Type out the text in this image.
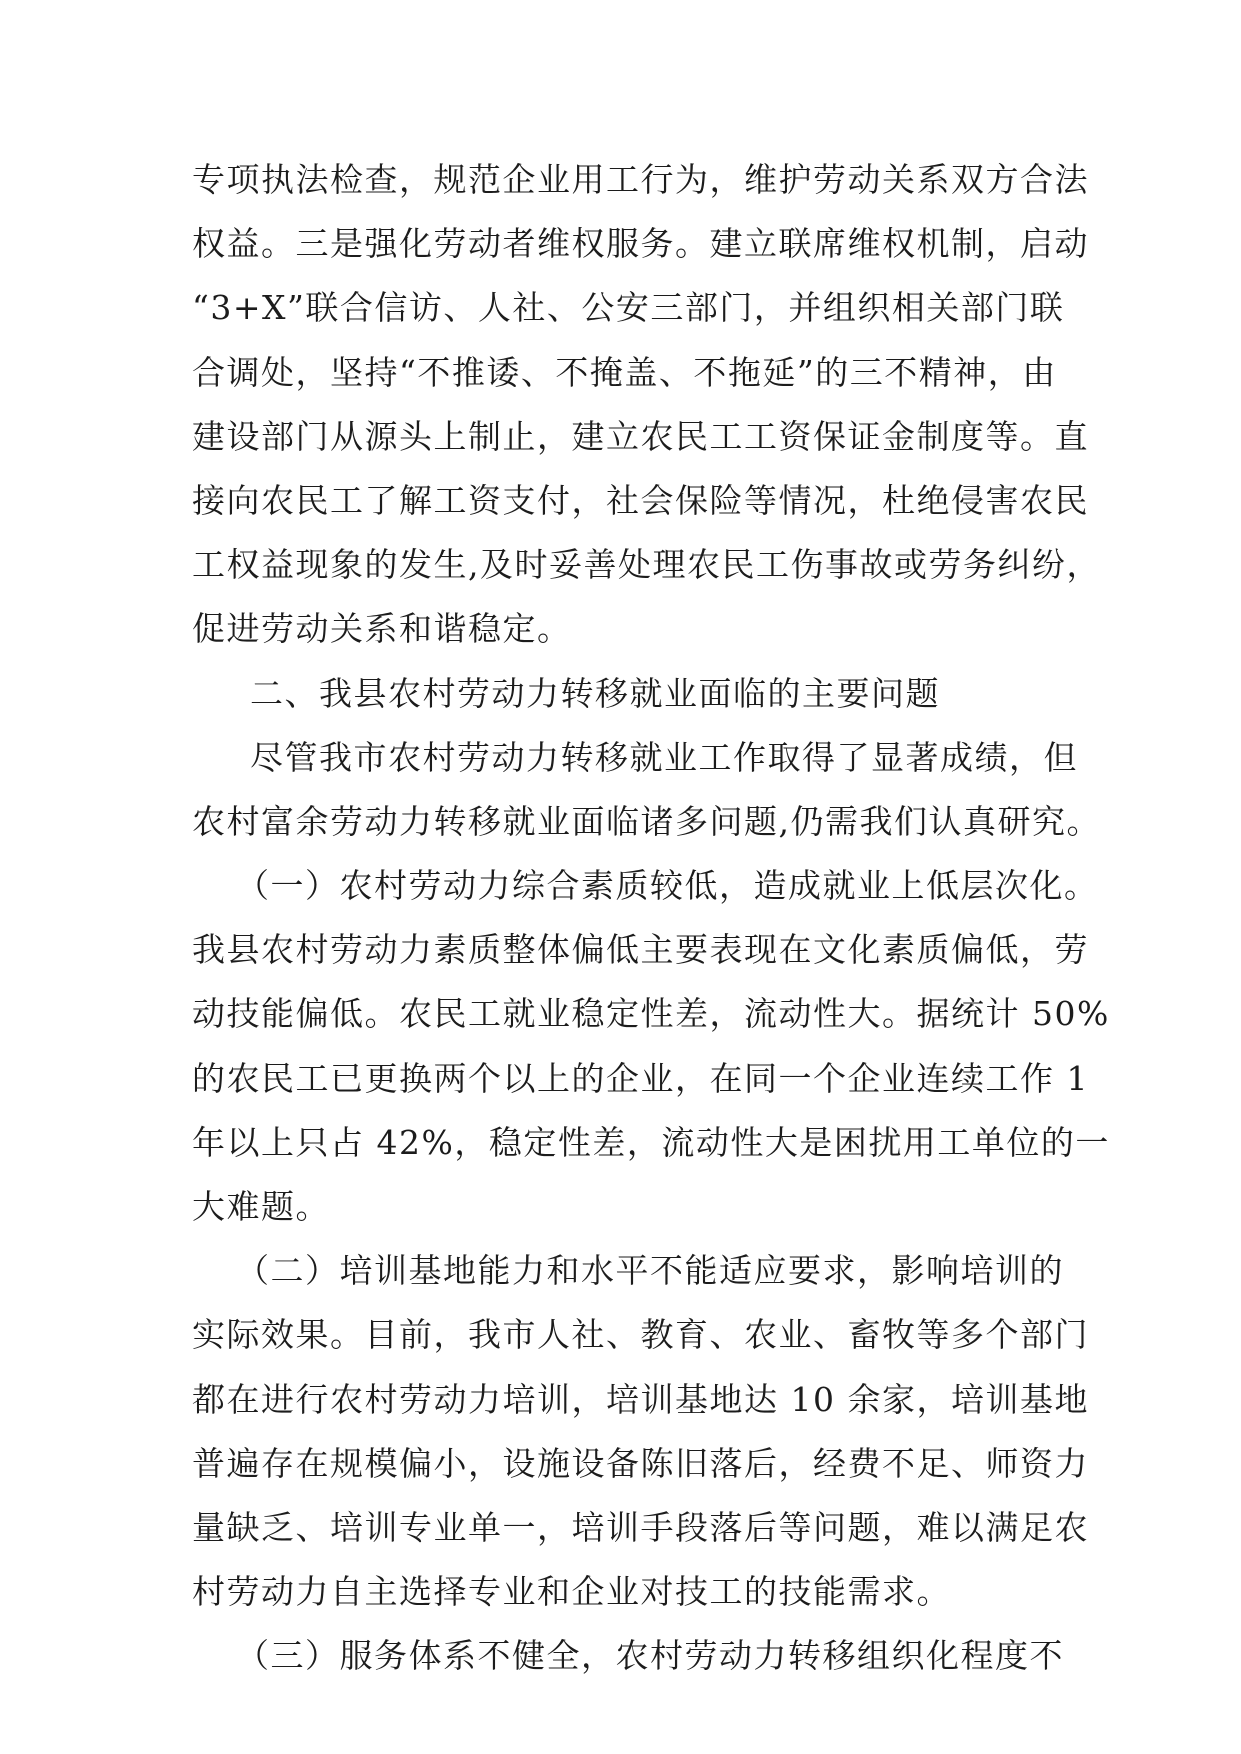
专项执法检查，规范企业用工行为，维护劳动关系双方合法
权益。三是强化劳动者维权服务。建立联席维权机制，启动
“3+X”联合信访、人社、公安三部门，并组织相关部门联
合调处，坚持“不推诿、不掩盖、不拖延”的三不精神，由
建设部门从源头上制止，建立农民工工资保证金制度等。直
接向农民工了解工资支付，社会保险等情况，杜绝侵害农民
工权益现象的发生,及时妥善处理农民工伤事故或劳务纠纷，
促进劳动关系和谐稳定。
二、我县农村劳动力转移就业面临的主要问题
尽管我市农村劳动力转移就业工作取得了显著成绩，但
农村富余劳动力转移就业面临诸多问题,仍需我们认真研究。
（一）农村劳动力综合素质较低，造成就业上低层次化。
我县农村劳动力素质整体偏低主要表现在文化素质偏低，劳
动技能偏低。农民工就业稳定性差，流动性大。据统计 50%
的农民工已更换两个以上的企业，在同一个企业连续工作 1
年以上只占 42%，稳定性差，流动性大是困扰用工单位的一
大难题。
（二）培训基地能力和水平不能适应要求，影响培训的
实际效果。目前，我市人社、教育、农业、畜牧等多个部门
都在进行农村劳动力培训，培训基地达 10 余家，培训基地
普遍存在规模偏小，设施设备陈旧落后，经费不足、师资力
量缺乏、培训专业单一，培训手段落后等问题，难以满足农
村劳动力自主选择专业和企业对技工的技能需求。
（三）服务体系不健全，农村劳动力转移组织化程度不
